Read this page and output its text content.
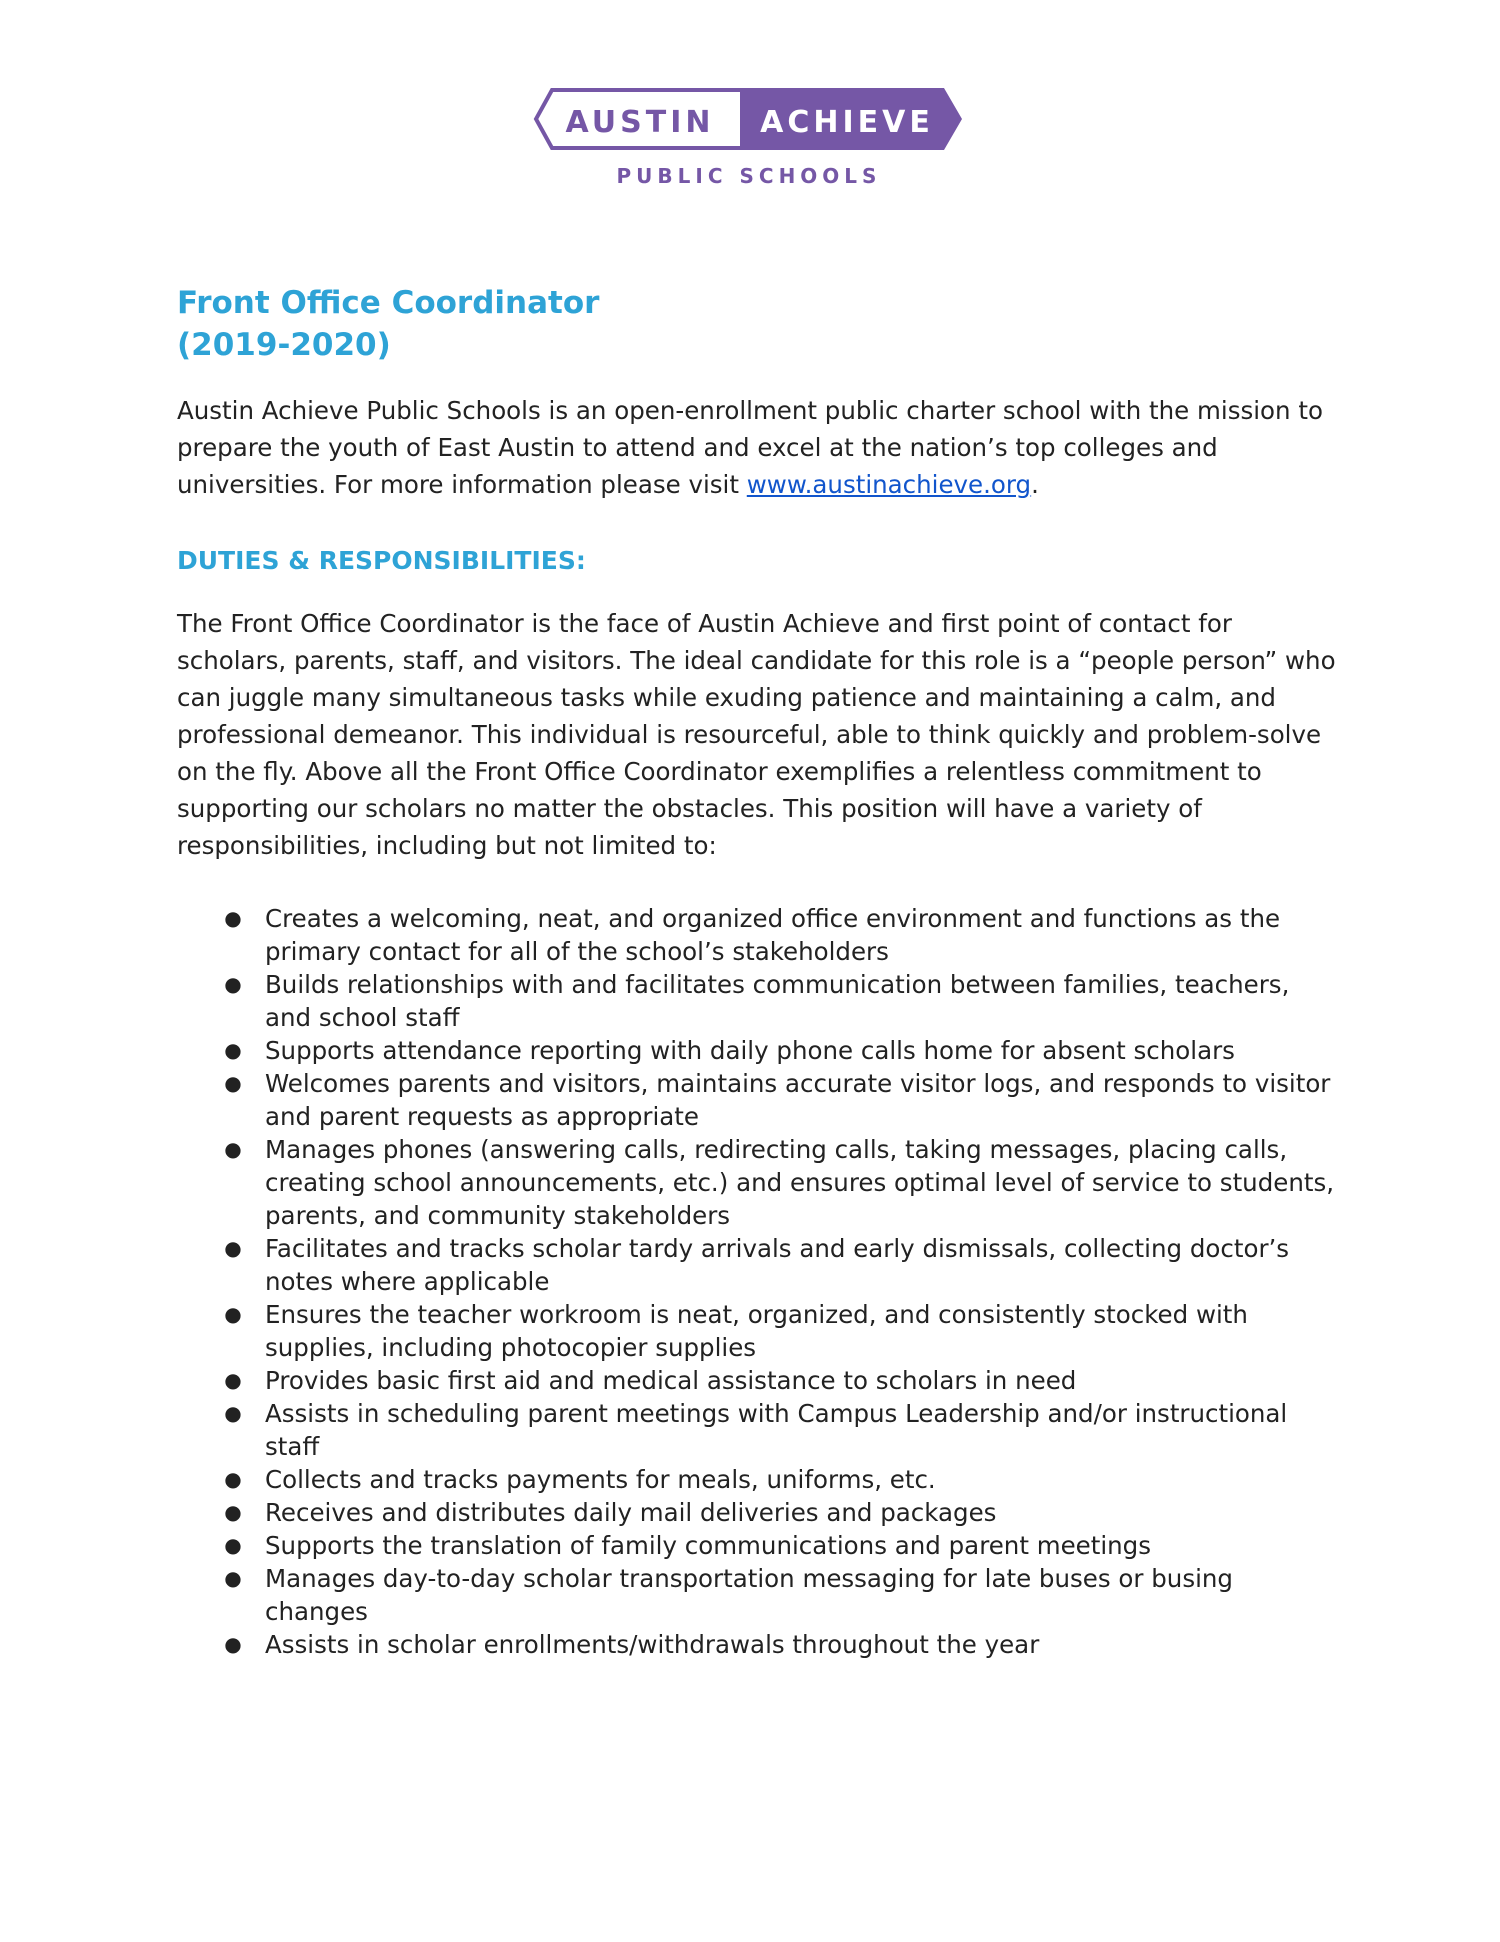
AUSTIN ACHIEVE
PUBLIC SCHOOLS
Front Office Coordinator
(2019-2020)

Austin Achieve Public Schools is an open-enrollment public charter school with the mission to prepare the youth of East Austin to attend and excel at the nation’s top colleges and universities. For more information please visit www.austinachieve.org.

DUTIES & RESPONSIBILITIES:

The Front Office Coordinator is the face of Austin Achieve and first point of contact for scholars, parents, staff, and visitors. The ideal candidate for this role is a “people person” who can juggle many simultaneous tasks while exuding patience and maintaining a calm, and professional demeanor. This individual is resourceful, able to think quickly and problem-solve on the fly. Above all the Front Office Coordinator exemplifies a relentless commitment to supporting our scholars no matter the obstacles. This position will have a variety of responsibilities, including but not limited to:

● Creates a welcoming, neat, and organized office environment and functions as the primary contact for all of the school’s stakeholders
● Builds relationships with and facilitates communication between families, teachers, and school staff
● Supports attendance reporting with daily phone calls home for absent scholars
● Welcomes parents and visitors, maintains accurate visitor logs, and responds to visitor and parent requests as appropriate
● Manages phones (answering calls, redirecting calls, taking messages, placing calls, creating school announcements, etc.) and ensures optimal level of service to students, parents, and community stakeholders
● Facilitates and tracks scholar tardy arrivals and early dismissals, collecting doctor’s notes where applicable
● Ensures the teacher workroom is neat, organized, and consistently stocked with supplies, including photocopier supplies
● Provides basic first aid and medical assistance to scholars in need
● Assists in scheduling parent meetings with Campus Leadership and/or instructional staff
● Collects and tracks payments for meals, uniforms, etc.
● Receives and distributes daily mail deliveries and packages
● Supports the translation of family communications and parent meetings
● Manages day-to-day scholar transportation messaging for late buses or busing changes
● Assists in scholar enrollments/withdrawals throughout the year
